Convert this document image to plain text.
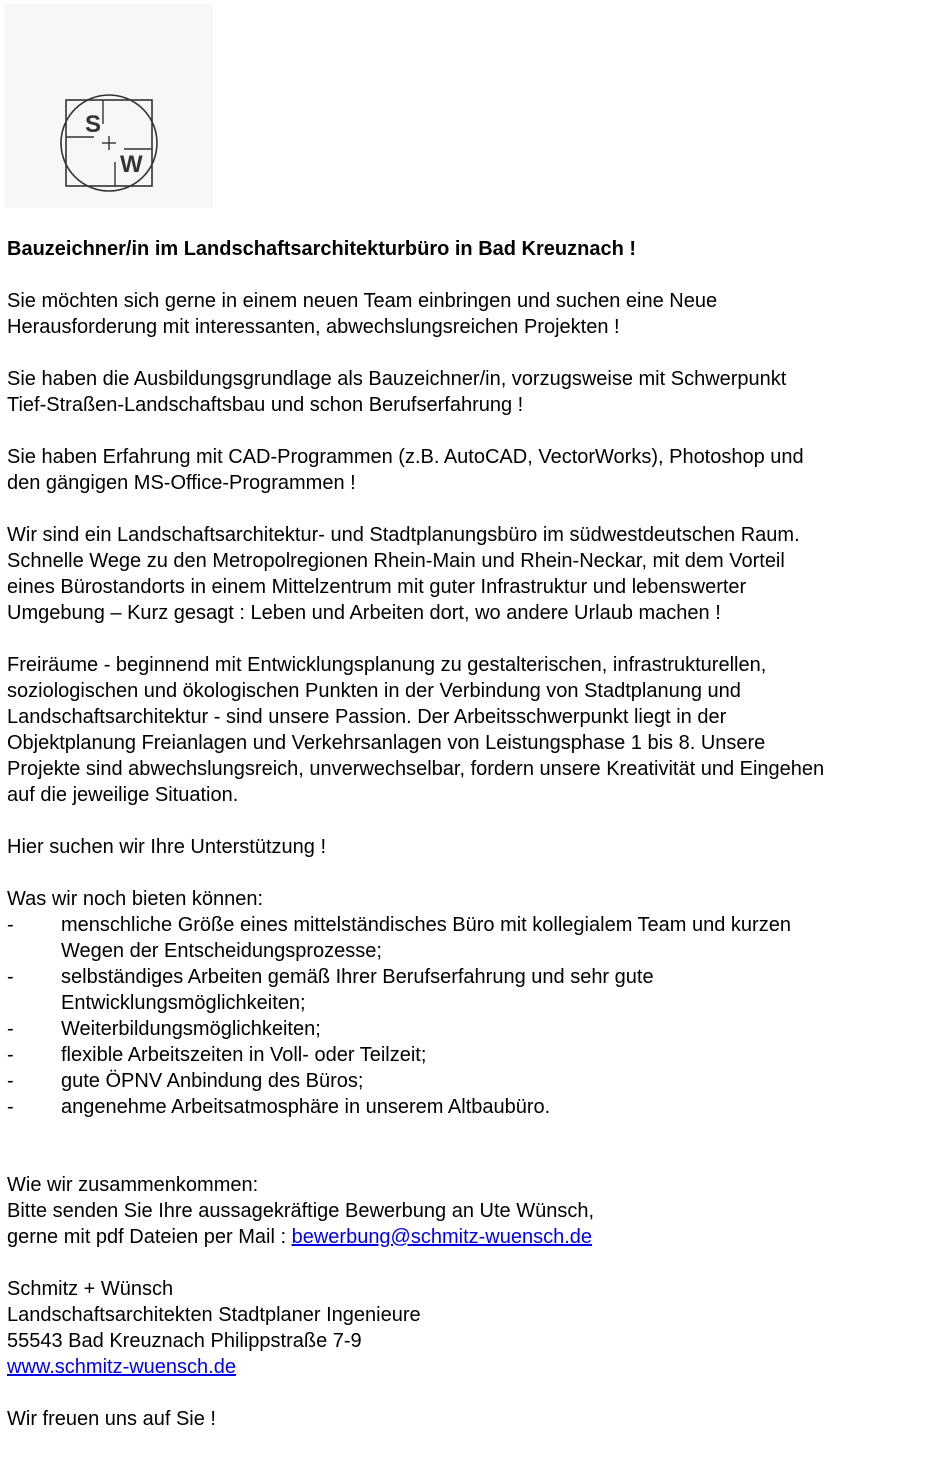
S
W

Bauzeichner/in im Landschaftsarchitekturbüro in Bad Kreuznach !

Sie möchten sich gerne in einem neuen Team einbringen und suchen eine Neue

Herausforderung mit interessanten, abwechslungsreichen Projekten !

Sie haben die Ausbildungsgrundlage als Bauzeichner/in, vorzugsweise mit Schwerpunkt

Tief-Straßen-Landschaftsbau und schon Berufserfahrung !

Sie haben Erfahrung mit CAD-Programmen (z.B. AutoCAD, VectorWorks), Photoshop und

den gängigen MS-Office-Programmen !

Wir sind ein Landschaftsarchitektur- und Stadtplanungsbüro im südwestdeutschen Raum.

Schnelle Wege zu den Metropolregionen Rhein-Main und Rhein-Neckar, mit dem Vorteil

eines Bürostandorts in einem Mittelzentrum mit guter Infrastruktur und lebenswerter

Umgebung – Kurz gesagt : Leben und Arbeiten dort, wo andere Urlaub machen !

Freiräume - beginnend mit Entwicklungsplanung zu gestalterischen, infrastrukturellen,

soziologischen und ökologischen Punkten in der Verbindung von Stadtplanung und

Landschaftsarchitektur - sind unsere Passion. Der Arbeitsschwerpunkt liegt in der

Objektplanung Freianlagen und Verkehrsanlagen von Leistungsphase 1 bis 8. Unsere

Projekte sind abwechslungsreich, unverwechselbar, fordern unsere Kreativität und Eingehen

auf die jeweilige Situation.

Hier suchen wir Ihre Unterstützung !

Was wir noch bieten können:

- menschliche Größe eines mittelständisches Büro mit kollegialem Team und kurzen
Wegen der Entscheidungsprozesse;
- selbständiges Arbeiten gemäß Ihrer Berufserfahrung und sehr gute
Entwicklungsmöglichkeiten;
- Weiterbildungsmöglichkeiten;
- flexible Arbeitszeiten in Voll- oder Teilzeit;
- gute ÖPNV Anbindung des Büros;
- angenehme Arbeitsatmosphäre in unserem Altbaubüro.

Wie wir zusammenkommen:

Bitte senden Sie Ihre aussagekräftige Bewerbung an Ute Wünsch,

gerne mit pdf Dateien per Mail : bewerbung@schmitz-wuensch.de

Schmitz + Wünsch

Landschaftsarchitekten Stadtplaner Ingenieure

55543 Bad Kreuznach Philippstraße 7-9

www.schmitz-wuensch.de

Wir freuen uns auf Sie !
